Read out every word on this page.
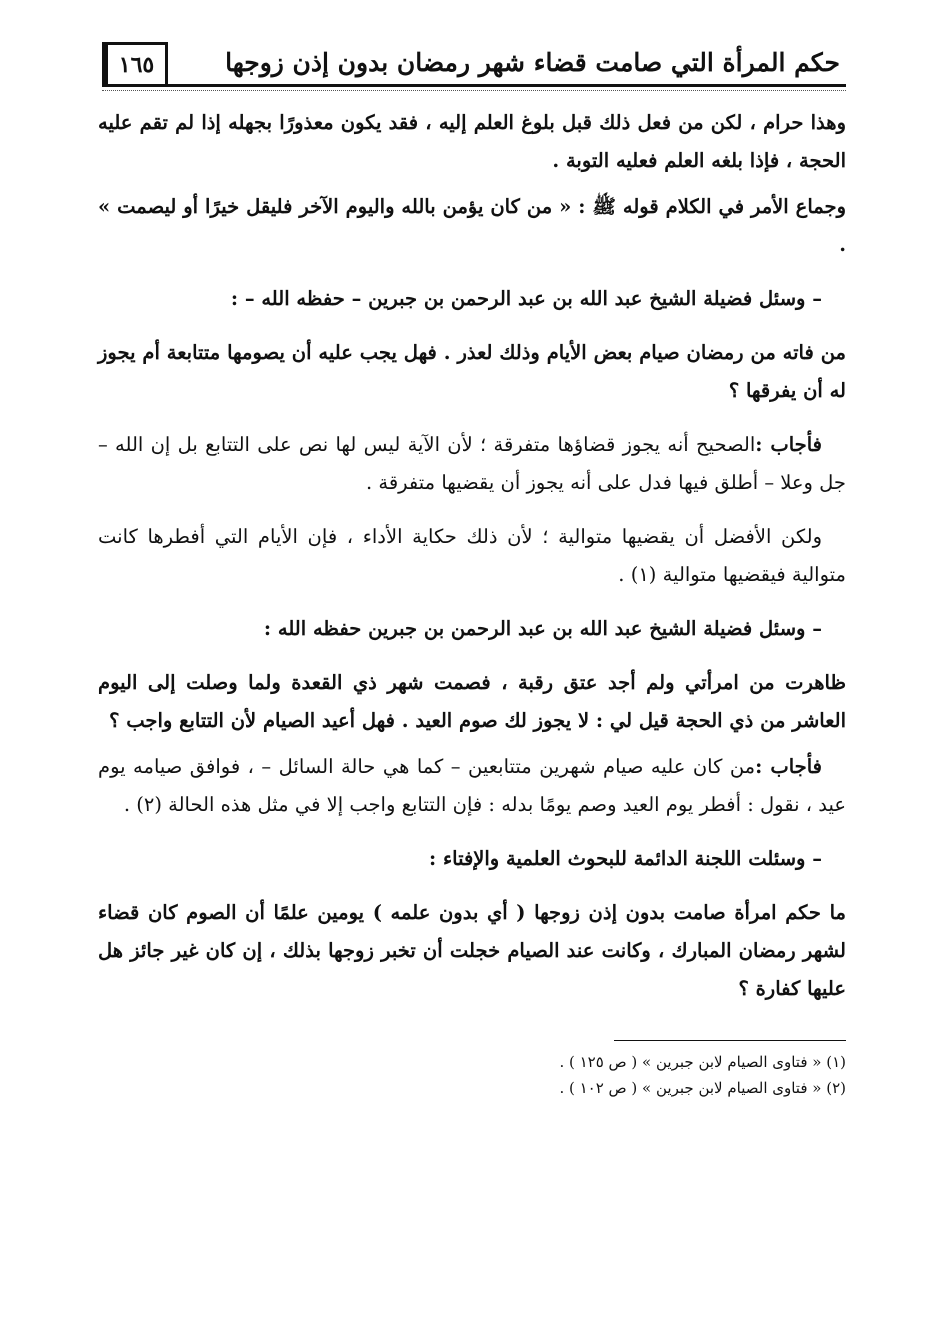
حكم المرأة التي صامت قضاء شهر رمضان بدون إذن زوجها
١٦٥

وهذا حرام ، لكن من فعل ذلك قبل بلوغ العلم إليه ، فقد يكون معذورًا بجهله إذا لم تقم عليه الحجة ، فإذا بلغه العلم فعليه التوبة .

وجماع الأمر في الكلام قوله ﷺ : « من كان يؤمن بالله واليوم الآخر فليقل خيرًا أو ليصمت » .

– وسئل فضيلة الشيخ عبد الله بن عبد الرحمن بن جبرين – حفظه الله – :

من فاته من رمضان صيام بعض الأيام وذلك لعذر . فهل يجب عليه أن يصومها متتابعة أم يجوز له أن يفرقها ؟

فأجاب :الصحيح أنه يجوز قضاؤها متفرقة ؛ لأن الآية ليس لها نص على التتابع بل إن الله – جل وعلا – أطلق فيها فدل على أنه يجوز أن يقضيها متفرقة .

ولكن الأفضل أن يقضيها متوالية ؛ لأن ذلك حكاية الأداء ، فإن الأيام التي أفطرها كانت متوالية فيقضيها متوالية (١) .

– وسئل فضيلة الشيخ عبد الله بن عبد الرحمن بن جبرين حفظه الله :

ظاهرت من امرأتي ولم أجد عتق رقبة ، فصمت شهر ذي القعدة ولما وصلت إلى اليوم العاشر من ذي الحجة قيل لي : لا يجوز لك صوم العيد . فهل أعيد الصيام لأن التتابع واجب ؟

فأجاب :من كان عليه صيام شهرين متتابعين – كما هي حالة السائل – ، فوافق صيامه يوم عيد ، نقول : أفطر يوم العيد وصم يومًا بدله : فإن التتابع واجب إلا في مثل هذه الحالة (٢) .

– وسئلت اللجنة الدائمة للبحوث العلمية والإفتاء :

ما حكم امرأة صامت بدون إذن زوجها ( أي بدون علمه ) يومين علمًا أن الصوم كان قضاء لشهر رمضان المبارك ، وكانت عند الصيام خجلت أن تخبر زوجها بذلك ، إن كان غير جائز هل عليها كفارة ؟

(١) « فتاوى الصيام لابن جبرين » ( ص ١٢٥ ) .

(٢) « فتاوى الصيام لابن جبرين » ( ص ١٠٢ ) .
